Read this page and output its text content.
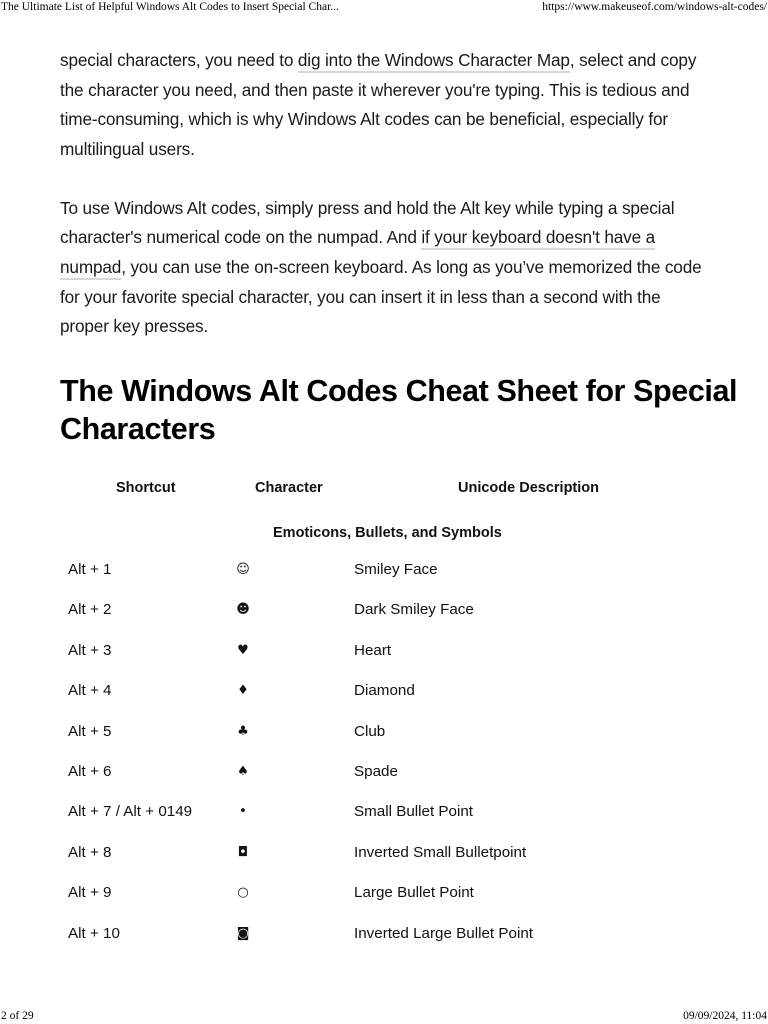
The Ultimate List of Helpful Windows Alt Codes to Insert Special Char...	https://www.makeuseof.com/windows-alt-codes/

special characters, you need to dig into the Windows Character Map, select and copy the character you need, and then paste it wherever you're typing. This is tedious and time-consuming, which is why Windows Alt codes can be beneficial, especially for multilingual users.

To use Windows Alt codes, simply press and hold the Alt key while typing a special character's numerical code on the numpad. And if your keyboard doesn't have a numpad, you can use the on-screen keyboard. As long as you’ve memorized the code for your favorite special character, you can insert it in less than a second with the proper key presses.

The Windows Alt Codes Cheat Sheet for Special Characters
Shortcut	Character	Unicode Description
Emoticons, Bullets, and Symbols
Alt + 1	☺	Smiley Face
Alt + 2	☻	Dark Smiley Face
Alt + 3	♥	Heart
Alt + 4	♦	Diamond
Alt + 5	♣	Club
Alt + 6	♠	Spade
Alt + 7 / Alt + 0149	•	Small Bullet Point
Alt + 8	◘	Inverted Small Bulletpoint
Alt + 9	○	Large Bullet Point
Alt + 10	◙	Inverted Large Bullet Point
2 of 29	09/09/2024, 11:04
